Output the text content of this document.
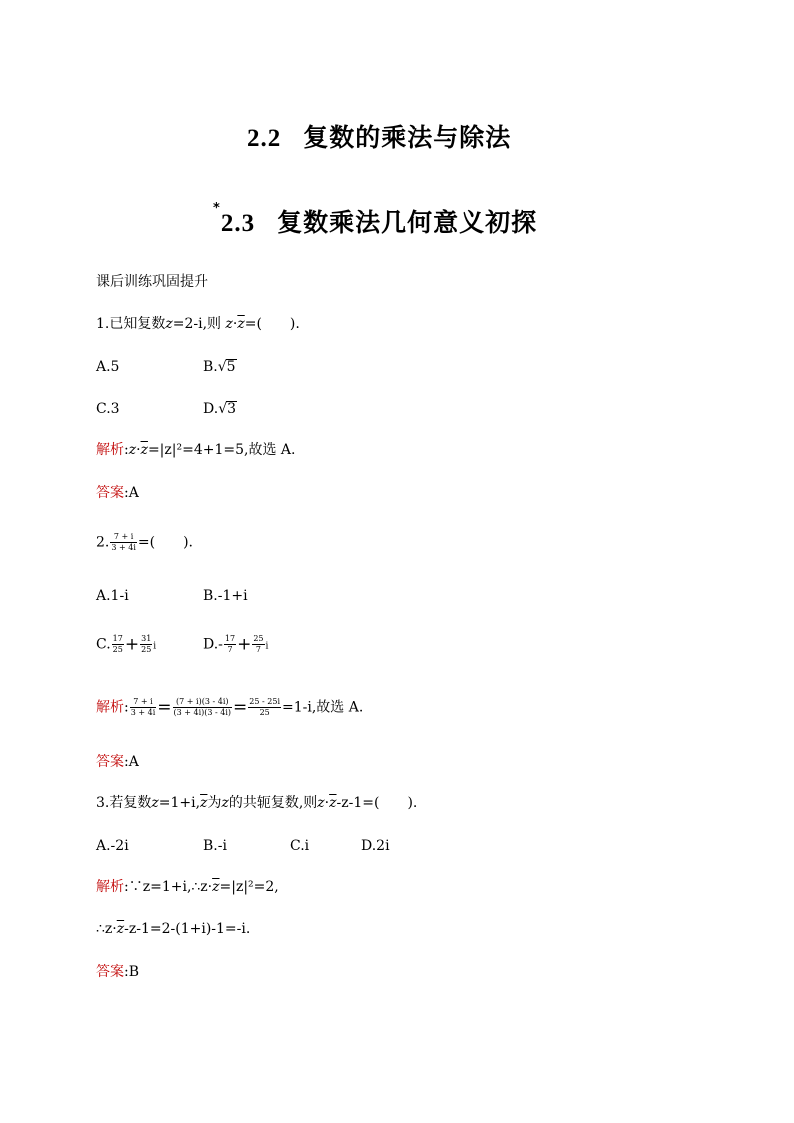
2.2 复数的乘法与除法
*2.3 复数乘法几何意义初探
课后训练巩固提升
1.已知复数z=2-i,则 $z\cdot\overline{z}=$(　　).
A.5	B.√5
C.3	D.√3
解析$:z\cdot\overline{z}=|z|^2=4+1=5$,故选 A.
答案:A
2. $\frac{7 + i}{3 + 4i}$ =(　　).
A.1-i	B.-1+i
C. $\frac{17}{25} + \frac{31}{25}$ i	$D.- \frac{17}{7} + \frac{25}{7}$ i
解析: $\frac{7 + i}{3 + 4i} = \frac{(7 + i)(3 - 4i)}{(3 + 4i)(3 - 4i)} = \frac{25 - 25i}{25} =1-i$,故选 A.
答案:A
3.若复数$z=1+i,\overline{z}$为z的共轭复数,则$z\cdot\overline{z}-z-1=$(　　).
A.-2i	B.-i	C.i	D.2i
解析$:\because z=1+i,\therefore z\cdot\overline{z}=|z|^2=2$,
$\therefore z\cdot\overline{z}-z-1=2-(1+i)-1=-i$.
答案:B
